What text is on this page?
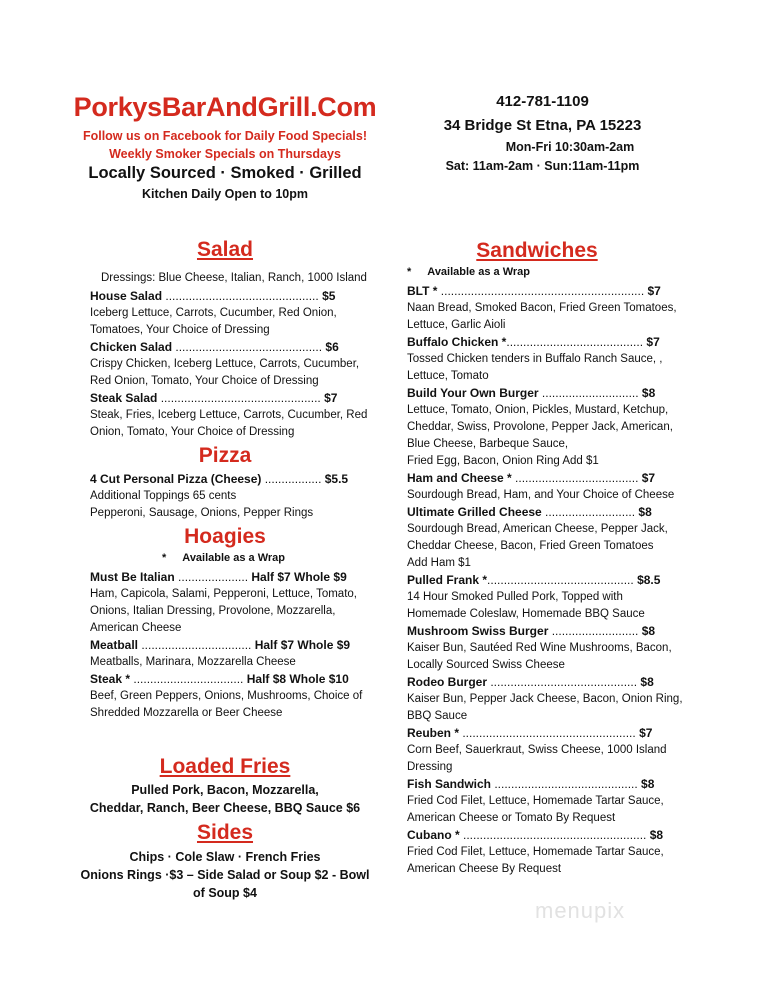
PorkysBarAndGrill.Com
Follow us on Facebook for Daily Food Specials!
Weekly Smoker Specials on Thursdays
Locally Sourced · Smoked · Grilled
Kitchen Daily Open to 10pm
412-781-1109
34 Bridge St Etna, PA 15223
Mon-Fri 10:30am-2am
Sat: 11am-2am · Sun:11am-11pm
Salad
Dressings: Blue Cheese, Italian, Ranch, 1000 Island
House Salad .............................................. $5
Iceberg Lettuce, Carrots, Cucumber, Red Onion,
Tomatoes, Your Choice of Dressing
Chicken Salad ............................................ $6
Crispy Chicken, Iceberg Lettuce, Carrots, Cucumber,
Red Onion, Tomato, Your Choice of Dressing
Steak Salad ................................................ $7
Steak, Fries, Iceberg Lettuce, Carrots, Cucumber, Red
Onion, Tomato, Your Choice of Dressing
Pizza
4 Cut Personal Pizza (Cheese) ................. $5.5
Additional Toppings 65 cents
Pepperoni, Sausage, Onions, Pepper Rings
Hoagies
* Available as a Wrap
Must Be Italian ..................... Half $7 Whole $9
Ham, Capicola, Salami, Pepperoni, Lettuce, Tomato,
Onions, Italian Dressing, Provolone, Mozzarella,
American Cheese
Meatball ................................. Half $7 Whole $9
Meatballs, Marinara, Mozzarella Cheese
Steak * ................................. Half $8 Whole $10
Beef, Green Peppers, Onions, Mushrooms, Choice of
Shredded Mozzarella or Beer Cheese
Loaded Fries
Pulled Pork, Bacon, Mozzarella,
Cheddar, Ranch, Beer Cheese, BBQ Sauce $6
Sides
Chips · Cole Slaw · French Fries
Onions Rings ·$3 – Side Salad or Soup $2 - Bowl
of Soup $4
Sandwiches
* Available as a Wrap
BLT * ............................................................. $7
Naan Bread, Smoked Bacon, Fried Green Tomatoes,
Lettuce, Garlic Aioli
Buffalo Chicken *......................................... $7
Tossed Chicken tenders in Buffalo Ranch Sauce, ,
Lettuce, Tomato
Build Your Own Burger ............................. $8
Lettuce, Tomato, Onion, Pickles, Mustard, Ketchup,
Cheddar, Swiss, Provolone, Pepper Jack, American,
Blue Cheese, Barbeque Sauce,
Fried Egg, Bacon, Onion Ring Add $1
Ham and Cheese * ..................................... $7
Sourdough Bread, Ham, and Your Choice of Cheese
Ultimate Grilled Cheese ........................... $8
Sourdough Bread, American Cheese, Pepper Jack,
Cheddar Cheese, Bacon, Fried Green Tomatoes
Add Ham $1
Pulled Frank *............................................ $8.5
14 Hour Smoked Pulled Pork, Topped with
Homemade Coleslaw, Homemade BBQ Sauce
Mushroom Swiss Burger .......................... $8
Kaiser Bun, Sautéed Red Wine Mushrooms, Bacon,
Locally Sourced Swiss Cheese
Rodeo Burger ............................................ $8
Kaiser Bun, Pepper Jack Cheese, Bacon, Onion Ring,
BBQ Sauce
Reuben * .................................................... $7
Corn Beef, Sauerkraut, Swiss Cheese, 1000 Island
Dressing
Fish Sandwich ........................................... $8
Fried Cod Filet, Lettuce, Homemade Tartar Sauce,
American Cheese or Tomato By Request
Cubano * ....................................................... $8
Fried Cod Filet, Lettuce, Homemade Tartar Sauce,
American Cheese By Request
menupix
